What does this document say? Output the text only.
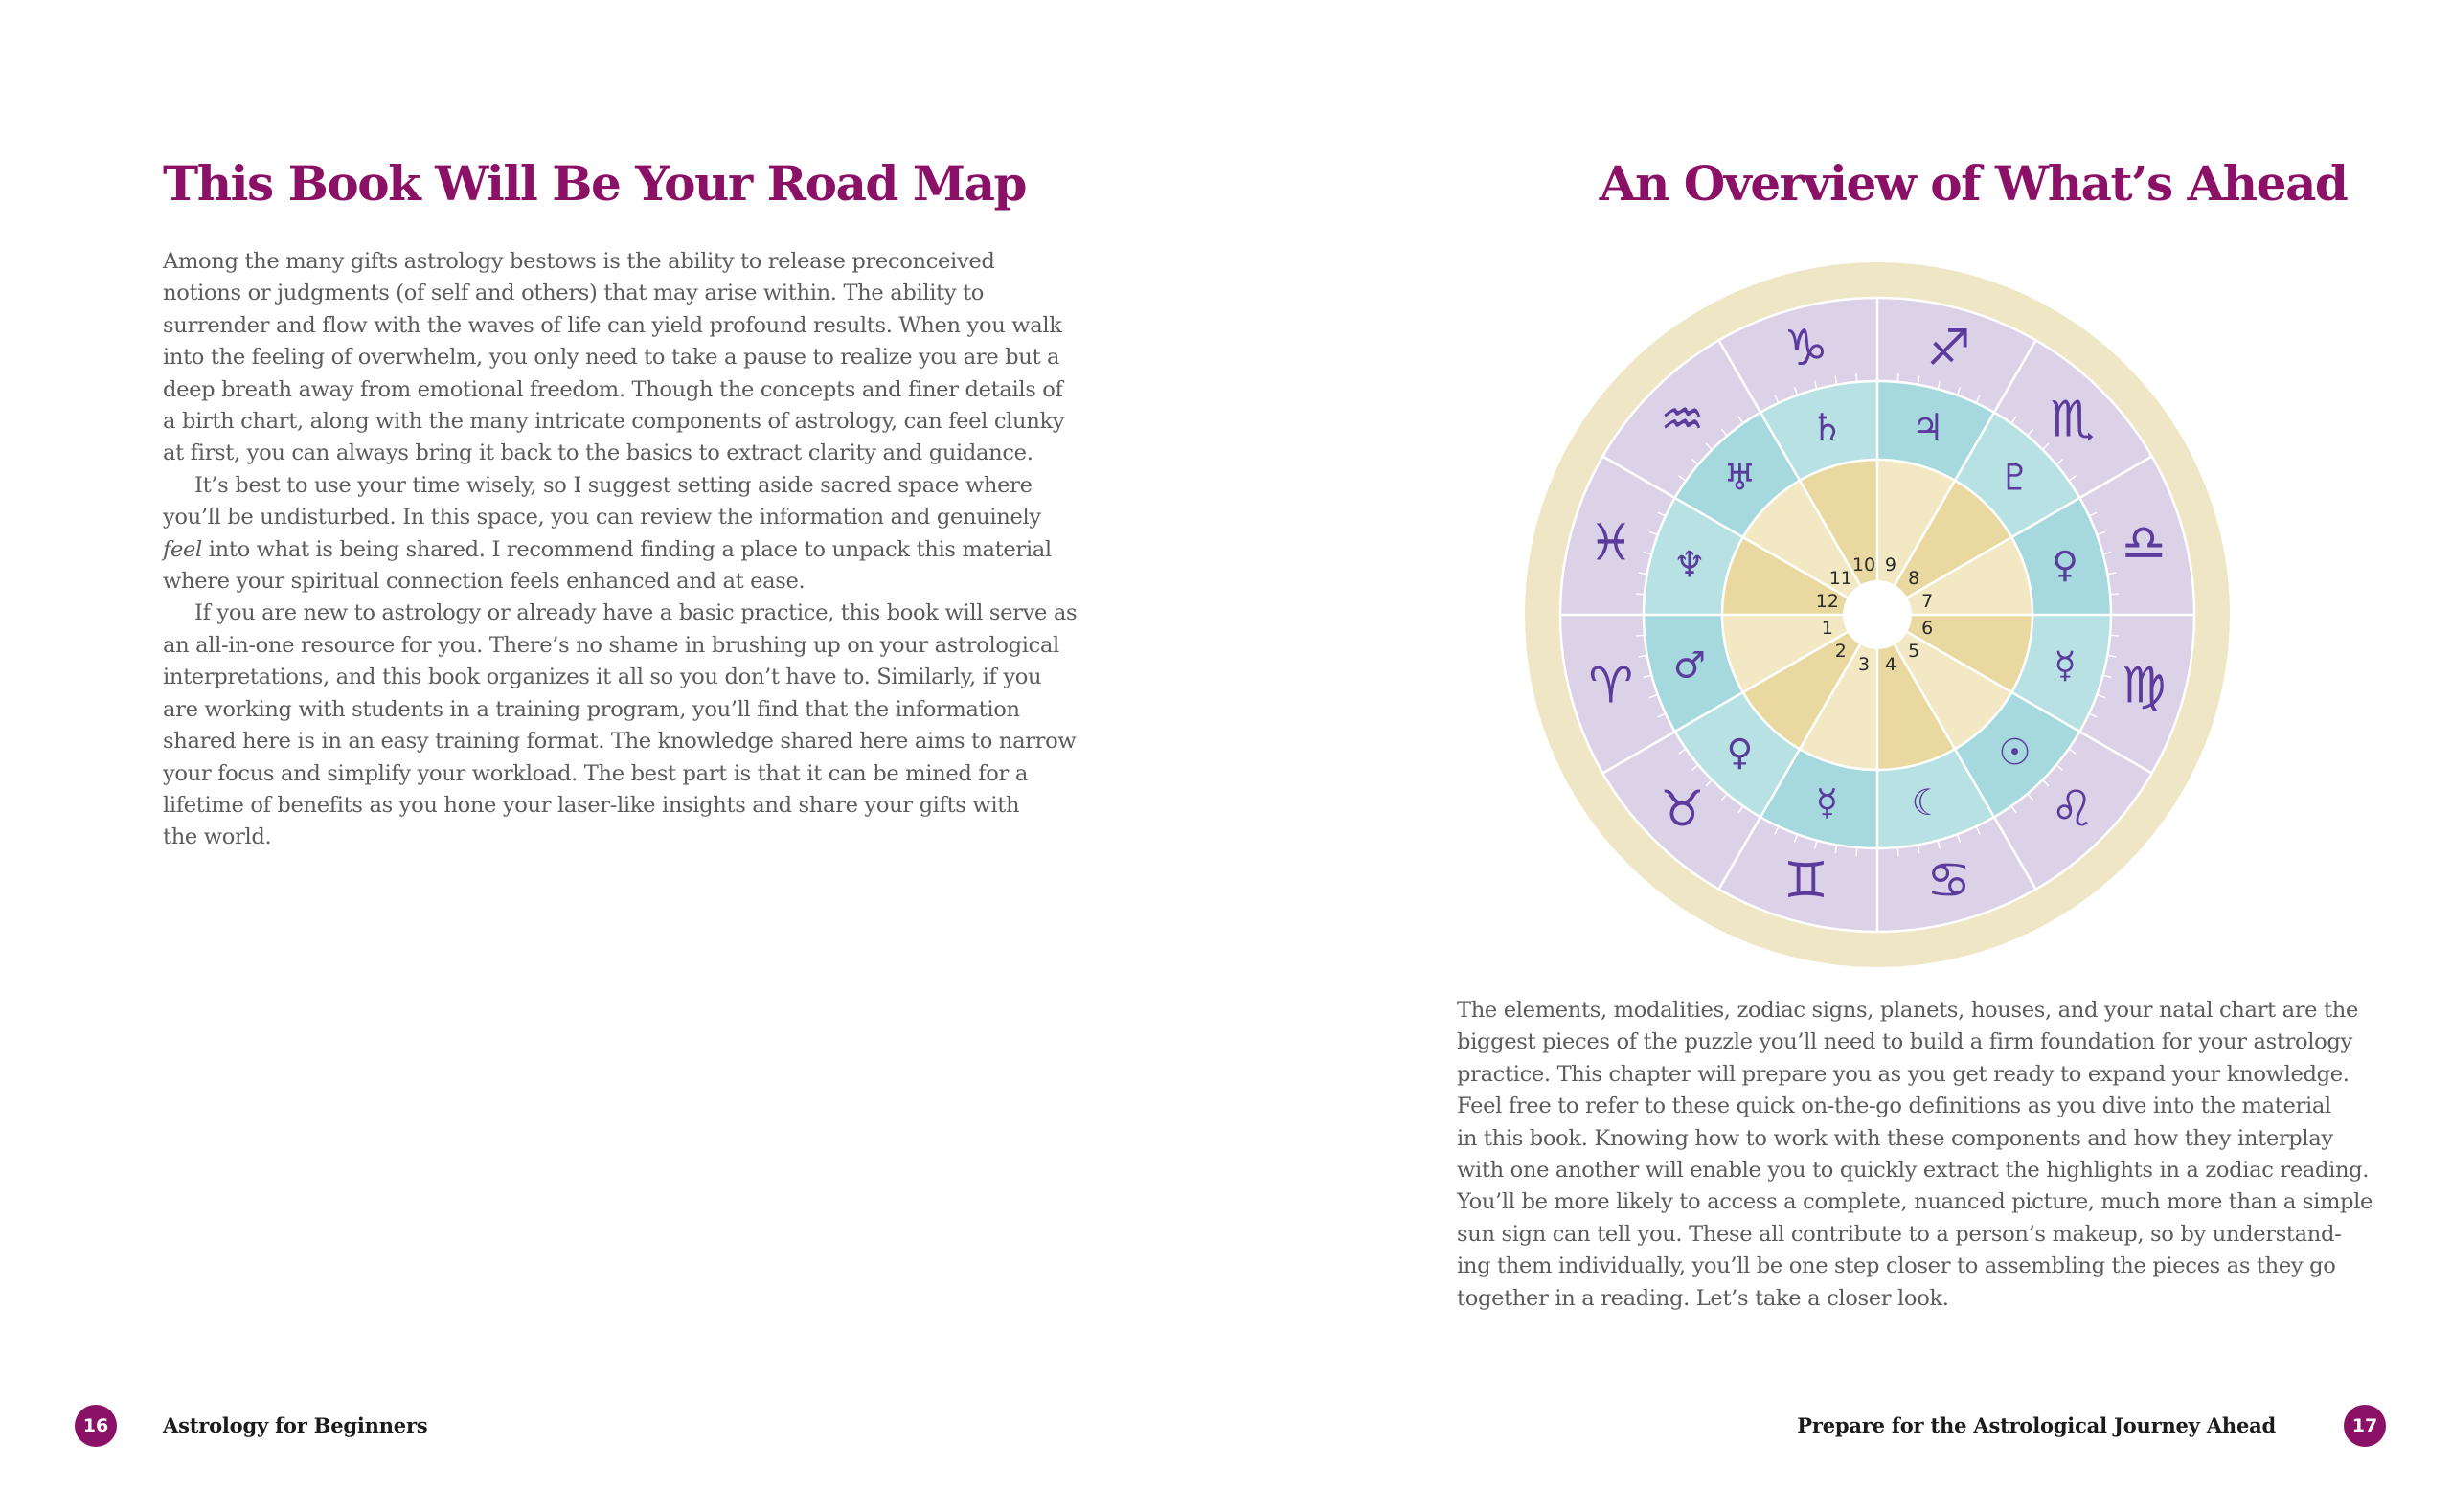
This Book Will Be Your Road Map

Among the many gifts astrology bestows is the ability to release preconceived
notions or judgments (of self and others) that may arise within. The ability to
surrender and flow with the waves of life can yield profound results. When you walk
into the feeling of overwhelm, you only need to take a pause to realize you are but a
deep breath away from emotional freedom. Though the concepts and finer details of
a birth chart, along with the many intricate components of astrology, can feel clunky
at first, you can always bring it back to the basics to extract clarity and guidance.

It’s best to use your time wisely, so I suggest setting aside sacred space where
you’ll be undisturbed. In this space, you can review the information and genuinely
feel into what is being shared. I recommend finding a place to unpack this material
where your spiritual connection feels enhanced and at ease.

If you are new to astrology or already have a basic practice, this book will serve as
an all-in-one resource for you. There’s no shame in brushing up on your astrological
interpretations, and this book organizes it all so you don’t have to. Similarly, if you
are working with students in a training program, you’ll find that the information
shared here is in an easy training format. The knowledge shared here aims to narrow
your focus and simplify your workload. The best part is that it can be mined for a
lifetime of benefits as you hone your laser-like insights and share your gifts with
the world.

16	Astrology for Beginners
An Overview of What’s Ahead
♈
♉
♊ ♋
♌
♍
♎
♏
♐
♑
♒
♓
♂
♀
☿ ☾
☉
☿
♀
♇
♃
♄
♅
♆
1
2
3 4
5
6
7
8
9
10
11
12

The elements, modalities, zodiac signs, planets, houses, and your natal chart are the
biggest pieces of the puzzle you’ll need to build a firm foundation for your astrology
practice. This chapter will prepare you as you get ready to expand your knowledge.
Feel free to refer to these quick on-the-go definitions as you dive into the material
in this book. Knowing how to work with these components and how they interplay
with one another will enable you to quickly extract the highlights in a zodiac reading.
You’ll be more likely to access a complete, nuanced picture, much more than a simple
sun sign can tell you. These all contribute to a person’s makeup, so by understand-
ing them individually, you’ll be one step closer to assembling the pieces as they go
together in a reading. Let’s take a closer look.

Prepare for the Astrological Journey Ahead	17
